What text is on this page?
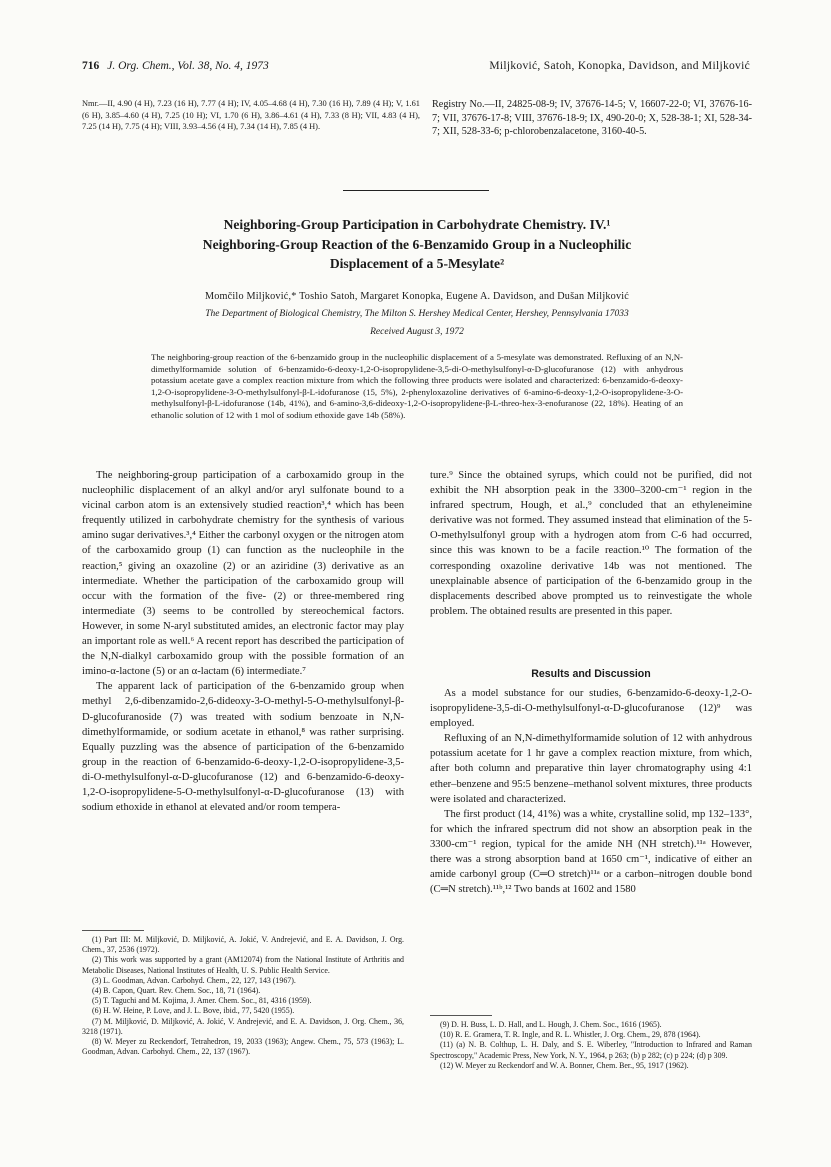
716 J. Org. Chem., Vol. 38, No. 4, 1973	Miljković, Satoh, Konopka, Davidson, and Miljković

Nmr.—II, 4.90 (4 H), 7.23 (16 H), 7.77 (4 H); IV, 4.05–4.68 (4 H), 7.30 (16 H), 7.89 (4 H); V, 1.61 (6 H), 3.85–4.60 (4 H), 7.25 (10 H); VI, 1.70 (6 H), 3.86–4.61 (4 H), 7.33 (8 H); VII, 4.83 (4 H), 7.25 (14 H), 7.75 (4 H); VIII, 3.93–4.56 (4 H), 7.34 (14 H), 7.85 (4 H).

Registry No.—II, 24825-08-9; IV, 37676-14-5; V, 16607-22-0; VI, 37676-16-7; VII, 37676-17-8; VIII, 37676-18-9; IX, 490-20-0; X, 528-38-1; XI, 528-34-7; XII, 528-33-6; p-chlorobenzalacetone, 3160-40-5.

Neighboring-Group Participation in Carbohydrate Chemistry. IV.¹
Neighboring-Group Reaction of the 6-Benzamido Group in a Nucleophilic
Displacement of a 5-Mesylate²
Momčilo Miljković,* Toshio Satoh, Margaret Konopka, Eugene A. Davidson, and Dušan Miljković
The Department of Biological Chemistry, The Milton S. Hershey Medical Center, Hershey, Pennsylvania 17033
Received August 3, 1972

The neighboring-group reaction of the 6-benzamido group in the nucleophilic displacement of a 5-mesylate was demonstrated. Refluxing of an N,N-dimethylformamide solution of 6-benzamido-6-deoxy-1,2-O-isopropylidene-3,5-di-O-methylsulfonyl-α-D-glucofuranose (12) with anhydrous potassium acetate gave a complex reaction mixture from which the following three products were isolated and characterized: 6-benzamido-6-deoxy-1,2-O-isopropylidene-3-O-methylsulfonyl-β-L-idofuranose (15, 5%), 2-phenyloxazoline derivatives of 6-amino-6-deoxy-1,2-O-isopropylidene-3-O-methylsulfonyl-β-L-idofuranose (14b, 41%), and 6-amino-3,6-dideoxy-1,2-O-isopropylidene-β-L-threo-hex-3-enofuranose (22, 18%). Heating of an ethanolic solution of 12 with 1 mol of sodium ethoxide gave 14b (58%).

The neighboring-group participation of a carboxamido group in the nucleophilic displacement of an alkyl and/or aryl sulfonate bound to a vicinal carbon atom is an extensively studied reaction³,⁴ which has been frequently utilized in carbohydrate chemistry for the synthesis of various amino sugar derivatives.³,⁴ Either the carbonyl oxygen or the nitrogen atom of the carboxamido group (1) can function as the nucleophile in the reaction,⁵ giving an oxazoline (2) or an aziridine (3) derivative as an intermediate. Whether the participation of the carboxamido group will occur with the formation of the five- (2) or three-membered ring intermediate (3) seems to be controlled by stereochemical factors. However, in some N-aryl substituted amides, an electronic factor may play an important role as well.⁶ A recent report has described the participation of the N,N-dialkyl carboxamido group with the possible formation of an imino-α-lactone (5) or an α-lactam (6) intermediate.⁷

The apparent lack of participation of the 6-benzamido group when methyl 2,6-dibenzamido-2,6-dideoxy-3-O-methyl-5-O-methylsulfonyl-β-D-glucofuranoside (7) was treated with sodium benzoate in N,N-dimethylformamide, or sodium acetate in ethanol,⁸ was rather surprising. Equally puzzling was the absence of participation of the 6-benzamido group in the reaction of 6-benzamido-6-deoxy-1,2-O-isopropylidene-3,5-di-O-methylsulfonyl-α-D-glucofuranose (12) and 6-benzamido-6-deoxy-1,2-O-isopropylidene-5-O-methylsulfonyl-α-D-glucofuranose (13) with sodium ethoxide in ethanol at elevated and/or room tempera-

ture.⁹ Since the obtained syrups, which could not be purified, did not exhibit the NH absorption peak in the 3300–3200-cm⁻¹ region in the infrared spectrum, Hough, et al.,⁹ concluded that an ethyleneimine derivative was not formed. They assumed instead that elimination of the 5-O-methylsulfonyl group with a hydrogen atom from C-6 had occurred, since this was known to be a facile reaction.¹⁰ The formation of the corresponding oxazoline derivative 14b was not mentioned. The unexplainable absence of participation of the 6-benzamido group in the displacements described above prompted us to reinvestigate the whole problem. The obtained results are presented in this paper.

Results and Discussion

As a model substance for our studies, 6-benzamido-6-deoxy-1,2-O-isopropylidene-3,5-di-O-methylsulfonyl-α-D-glucofuranose (12)⁹ was employed.

Refluxing of an N,N-dimethylformamide solution of 12 with anhydrous potassium acetate for 1 hr gave a complex reaction mixture, from which, after both column and preparative thin layer chromatography using 4:1 ether–benzene and 95:5 benzene–methanol solvent mixtures, three products were isolated and characterized.

The first product (14, 41%) was a white, crystalline solid, mp 132–133°, for which the infrared spectrum did not show an absorption peak in the 3300-cm⁻¹ region, typical for the amide NH (NH stretch).¹¹ᵃ However, there was a strong absorption band at 1650 cm⁻¹, indicative of either an amide carbonyl group (C═O stretch)¹¹ᵃ or a carbon–nitrogen double bond (C═N stretch).¹¹ᵇ,¹² Two bands at 1602 and 1580

(1) Part III: M. Miljković, D. Miljković, A. Jokić, V. Andrejević, and E. A. Davidson, J. Org. Chem., 37, 2536 (1972).

(2) This work was supported by a grant (AM12074) from the National Institute of Arthritis and Metabolic Diseases, National Institutes of Health, U. S. Public Health Service.

(3) L. Goodman, Advan. Carbohyd. Chem., 22, 127, 143 (1967).

(4) B. Capon, Quart. Rev. Chem. Soc., 18, 71 (1964).

(5) T. Taguchi and M. Kojima, J. Amer. Chem. Soc., 81, 4316 (1959).

(6) H. W. Heine, P. Love, and J. L. Bove, ibid., 77, 5420 (1955).

(7) M. Miljković, D. Miljković, A. Jokić, V. Andrejević, and E. A. Davidson, J. Org. Chem., 36, 3218 (1971).

(8) W. Meyer zu Reckendorf, Tetrahedron, 19, 2033 (1963); Angew. Chem., 75, 573 (1963); L. Goodman, Advan. Carbohyd. Chem., 22, 137 (1967).

(9) D. H. Buss, L. D. Hall, and L. Hough, J. Chem. Soc., 1616 (1965).

(10) R. E. Gramera, T. R. Ingle, and R. L. Whistler, J. Org. Chem., 29, 878 (1964).

(11) (a) N. B. Colthup, L. H. Daly, and S. E. Wiberley, "Introduction to Infrared and Raman Spectroscopy," Academic Press, New York, N. Y., 1964, p 263; (b) p 282; (c) p 224; (d) p 309.

(12) W. Meyer zu Reckendorf and W. A. Bonner, Chem. Ber., 95, 1917 (1962).
